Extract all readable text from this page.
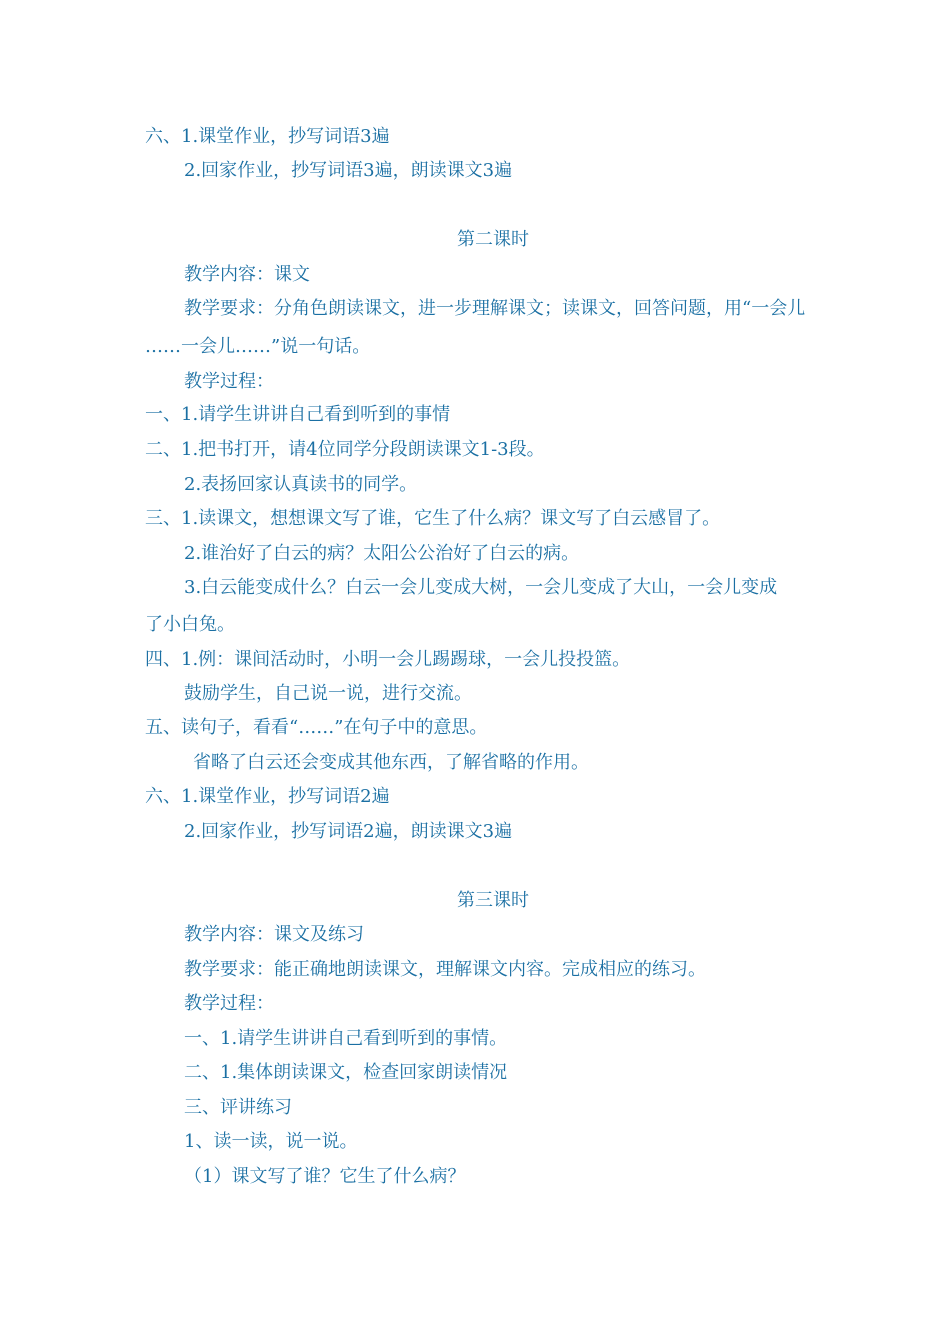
六、1.课堂作业，抄写词语3遍
2.回家作业，抄写词语3遍，朗读课文3遍
第二课时
教学内容：课文
教学要求：分角色朗读课文，进一步理解课文；读课文，回答问题，用“一会儿
……一会儿……”说一句话。
教学过程：
一、1.请学生讲讲自己看到听到的事情
二、1.把书打开，请4位同学分段朗读课文1-3段。
2.表扬回家认真读书的同学。
三、1.读课文，想想课文写了谁，它生了什么病？课文写了白云感冒了。
2.谁治好了白云的病？太阳公公治好了白云的病。
3.白云能变成什么？白云一会儿变成大树，一会儿变成了大山，一会儿变成
了小白兔。
四、1.例：课间活动时，小明一会儿踢踢球，一会儿投投篮。
鼓励学生，自己说一说，进行交流。
五、读句子，看看“……”在句子中的意思。
省略了白云还会变成其他东西，了解省略的作用。
六、1.课堂作业，抄写词语2遍
2.回家作业，抄写词语2遍，朗读课文3遍
第三课时
教学内容：课文及练习
教学要求：能正确地朗读课文，理解课文内容。完成相应的练习。
教学过程：
一、1.请学生讲讲自己看到听到的事情。
二、1.集体朗读课文，检查回家朗读情况
三、评讲练习
1、读一读，说一说。
（1）课文写了谁？它生了什么病？
